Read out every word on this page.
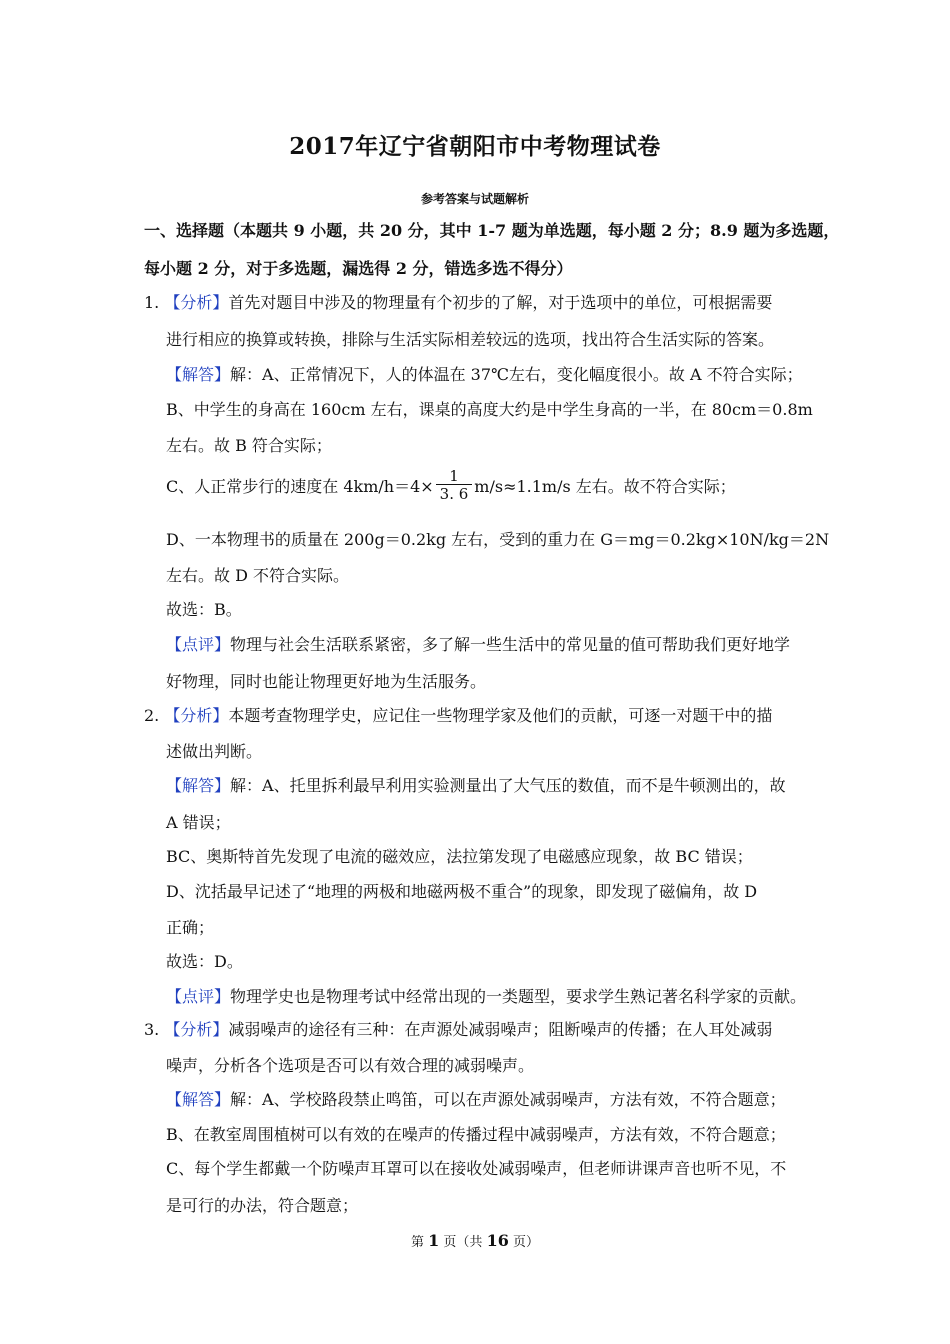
2017年辽宁省朝阳市中考物理试卷
参考答案与试题解析
一、选择题（本题共 9 小题，共 20 分，其中 1-7 题为单选题，每小题 2 分；8.9 题为多选题，
每小题 2 分，对于多选题，漏选得 2 分，错选多选不得分）
1. 【分析】首先对题目中涉及的物理量有个初步的了解，对于选项中的单位，可根据需要
进行相应的换算或转换，排除与生活实际相差较远的选项，找出符合生活实际的答案。
【解答】解：A、正常情况下，人的体温在 37℃左右，变化幅度很小。故 A 不符合实际；
B、中学生的身高在 160cm 左右，课桌的高度大约是中学生身高的一半，在 80cm＝0.8m
左右。故 B 符合实际；
C、人正常步行的速度在 $4km/h=4\times \frac{1}{3. 6} m/s\approx 1.1m/s$ 左右。故不符合实际；
D、一本物理书的质量在 200g＝0.2kg 左右，受到的重力在 G＝mg＝0.2kg×10N/kg＝2N
左右。故 D 不符合实际。
故选：B。
【点评】物理与社会生活联系紧密，多了解一些生活中的常见量的值可帮助我们更好地学
好物理，同时也能让物理更好地为生活服务。
2. 【分析】本题考查物理学史，应记住一些物理学家及他们的贡献，可逐一对题干中的描
述做出判断。
【解答】解：A、托里拆利最早利用实验测量出了大气压的数值，而不是牛顿测出的，故
A 错误；
BC、奥斯特首先发现了电流的磁效应，法拉第发现了电磁感应现象，故 BC 错误；
D、沈括最早记述了“地理的两极和地磁两极不重合”的现象，即发现了磁偏角，故 D
正确；
故选：D。
【点评】物理学史也是物理考试中经常出现的一类题型，要求学生熟记著名科学家的贡献。
3. 【分析】减弱噪声的途径有三种：在声源处减弱噪声；阻断噪声的传播；在人耳处减弱
噪声，分析各个选项是否可以有效合理的减弱噪声。
【解答】解：A、学校路段禁止鸣笛，可以在声源处减弱噪声，方法有效，不符合题意；
B、在教室周围植树可以有效的在噪声的传播过程中减弱噪声，方法有效，不符合题意；
C、每个学生都戴一个防噪声耳罩可以在接收处减弱噪声，但老师讲课声音也听不见，不
是可行的办法，符合题意；
第 1 页（共 16 页）
